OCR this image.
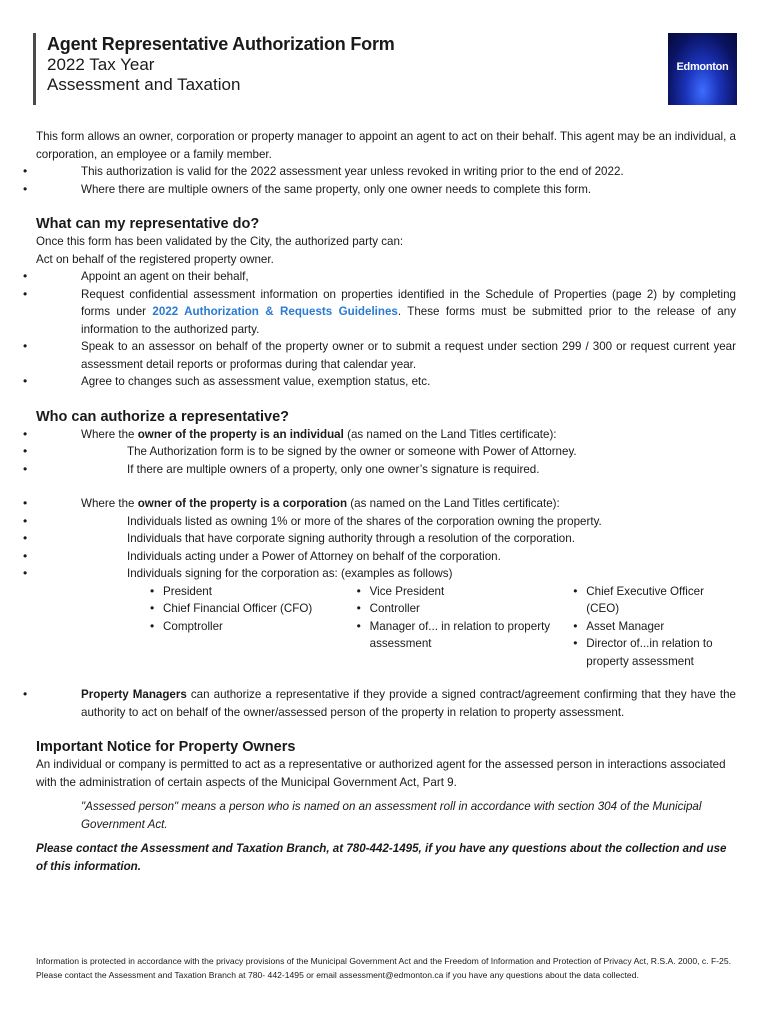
Agent Representative Authorization Form
2022 Tax Year
Assessment and Taxation
Edmonton

This form allows an owner, corporation or property manager to appoint an agent to act on their behalf. This agent may be an individual, a corporation, an employee or a family member.

• This authorization is valid for the 2022 assessment year unless revoked in writing prior to the end of 2022.
• Where there are multiple owners of the same property, only one owner needs to complete this form.
What can my representative do?

Once this form has been validated by the City, the authorized party can:

Act on behalf of the registered property owner.

• Appoint an agent on their behalf,
• Request confidential assessment information on properties identified in the Schedule of Properties (page 2) by completing forms under 2022 Authorization & Requests Guidelines. These forms must be submitted prior to the release of any information to the authorized party.
• Speak to an assessor on behalf of the property owner or to submit a request under section 299 / 300 or request current year assessment detail reports or proformas during that calendar year.
• Agree to changes such as assessment value, exemption status, etc.
Who can authorize a representative?
• Where the owner of the property is an individual (as named on the Land Titles certificate):
• The Authorization form is to be signed by the owner or someone with Power of Attorney.
• If there are multiple owners of a property, only one owner’s signature is required.
• Where the owner of the property is a corporation (as named on the Land Titles certificate):
• Individuals listed as owning 1% or more of the shares of the corporation owning the property.
• Individuals that have corporate signing authority through a resolution of the corporation.
• Individuals acting under a Power of Attorney on behalf of the corporation.
• Individuals signing for the corporation as: (examples as follows)
• President
• Chief Financial Officer (CFO)
• Comptroller
• Vice President
• Controller
• Manager of... in relation to property assessment
• Chief Executive Officer (CEO)
• Asset Manager
• Director of...in relation to property assessment
• Property Managers can authorize a representative if they provide a signed contract/agreement confirming that they have the authority to act on behalf of the owner/assessed person of the property in relation to property assessment.
Important Notice for Property Owners

An individual or company is permitted to act as a representative or authorized agent for the assessed person in interactions associated with the administration of certain aspects of the Municipal Government Act, Part 9.

"Assessed person" means a person who is named on an assessment roll in accordance with section 304 of the Municipal Government Act.

Please contact the Assessment and Taxation Branch, at 780-442-1495, if you have any questions about the collection and use of this information.

Information is protected in accordance with the privacy provisions of the Municipal Government Act and the Freedom of Information and Protection of Privacy Act, R.S.A. 2000, c. F-25. Please contact the Assessment and Taxation Branch at 780- 442-1495 or email assessment@edmonton.ca if you have any questions about the data collected.
